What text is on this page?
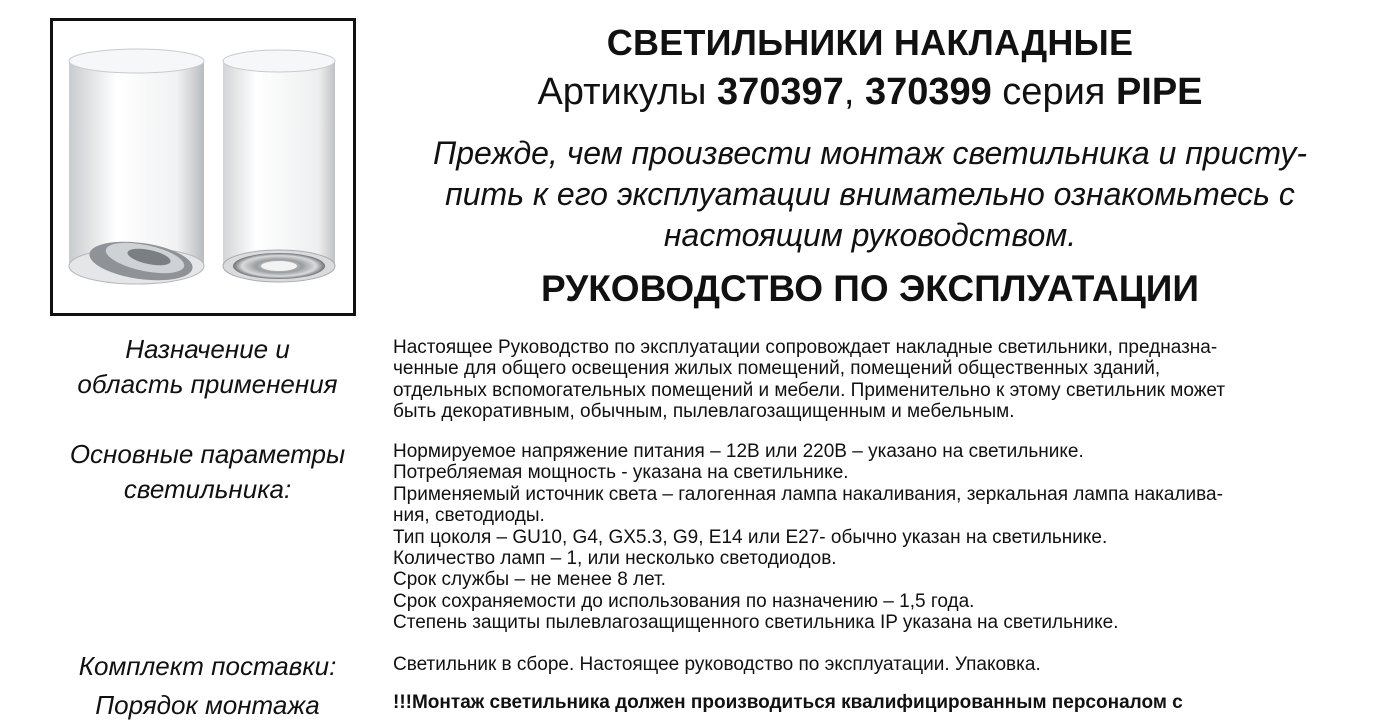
СВЕТИЛЬНИКИ НАКЛАДНЫЕ
Артикулы 370397, 370399 серия PIPE
Прежде, чем произвести монтаж светильника и присту-
пить к его эксплуатации внимательно ознакомьтесь с
настоящим руководством.
РУКОВОДСТВО ПО ЭКСПЛУАТАЦИИ
Назначение и
область применения

Настоящее Руководство по эксплуатации сопровождает накладные светильники, предназна-

ченные для общего освещения жилых помещений, помещений общественных зданий,

отдельных вспомогательных помещений и мебели. Применительно к этому светильник может

быть декоративным, обычным, пылевлагозащищенным и мебельным.

Основные параметры
светильника:

Нормируемое напряжение питания – 12В или 220В – указано на светильнике.

Потребляемая мощность - указана на светильнике.

Применяемый источник света – галогенная лампа накаливания, зеркальная лампа накалива-

ния, светодиоды.

Тип цоколя – GU10, G4, GX5.3, G9, E14 или E27- обычно указан на светильнике.

Количество ламп – 1, или несколько светодиодов.

Срок службы – не менее 8 лет.

Срок сохраняемости до использования по назначению – 1,5 года.

Степень защиты пылевлагозащищенного светильника IP указана на светильнике.

Комплект поставки:	Светильник в сборе. Настоящее руководство по эксплуатации. Упаковка.
Порядок монтажа	!!!Монтаж светильника должен производиться квалифицированным персоналом с
